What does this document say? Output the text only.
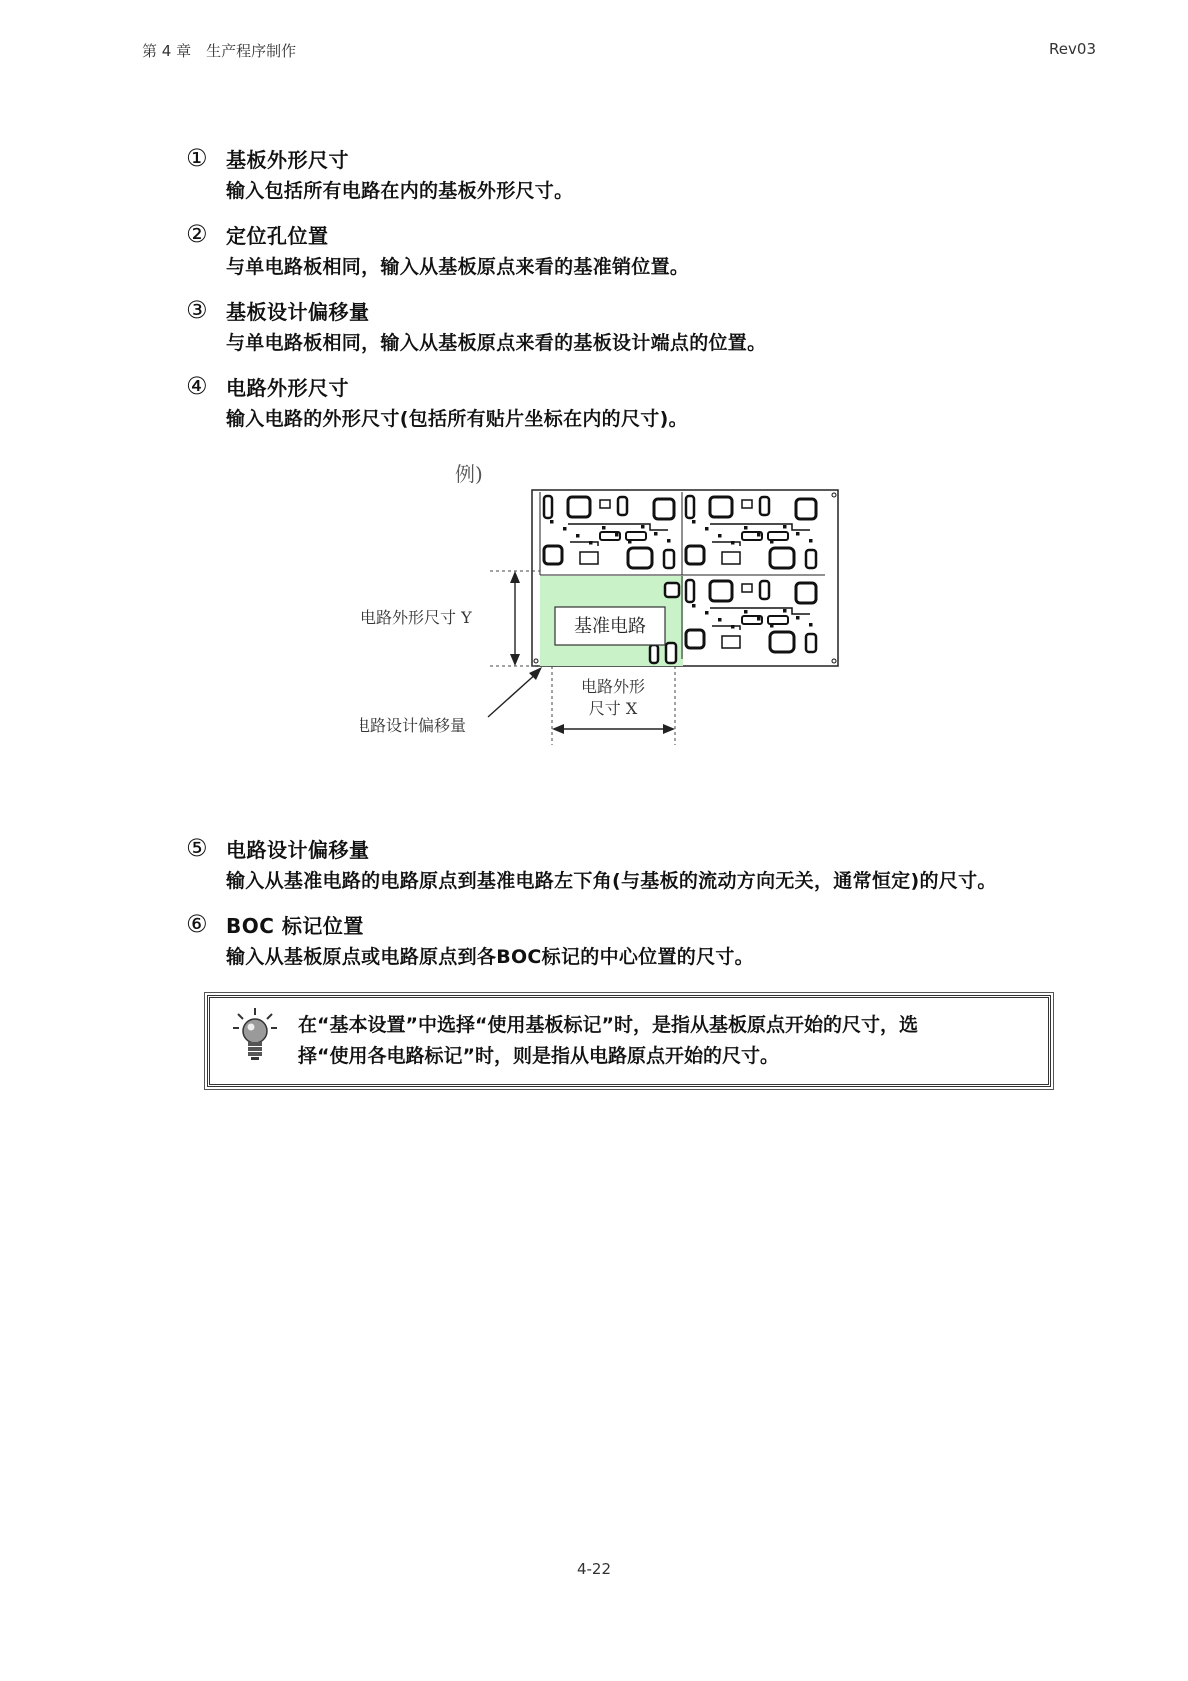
第 4 章　生产程序制作	Rev03
① 基板外形尺寸
输入包括所有电路在内的基板外形尺寸。
② 定位孔位置
与单电路板相同，输入从基板原点来看的基准销位置。
③ 基板设计偏移量
与单电路板相同，输入从基板原点来看的基板设计端点的位置。
④ 电路外形尺寸
输入电路的外形尺寸(包括所有贴片坐标在内的尺寸)。
例)
基准电路
电路外形尺寸 Y
电路外形
尺寸 X
电路设计偏移量
⑤ 电路设计偏移量
输入从基准电路的电路原点到基准电路左下角(与基板的流动方向无关，通常恒定)的尺寸。
⑥ BOC 标记位置
输入从基板原点或电路原点到各BOC标记的中心位置的尺寸。
在“基本设置”中选择“使用基板标记”时，是指从基板原点开始的尺寸，选
择“使用各电路标记”时，则是指从电路原点开始的尺寸。
4-22
